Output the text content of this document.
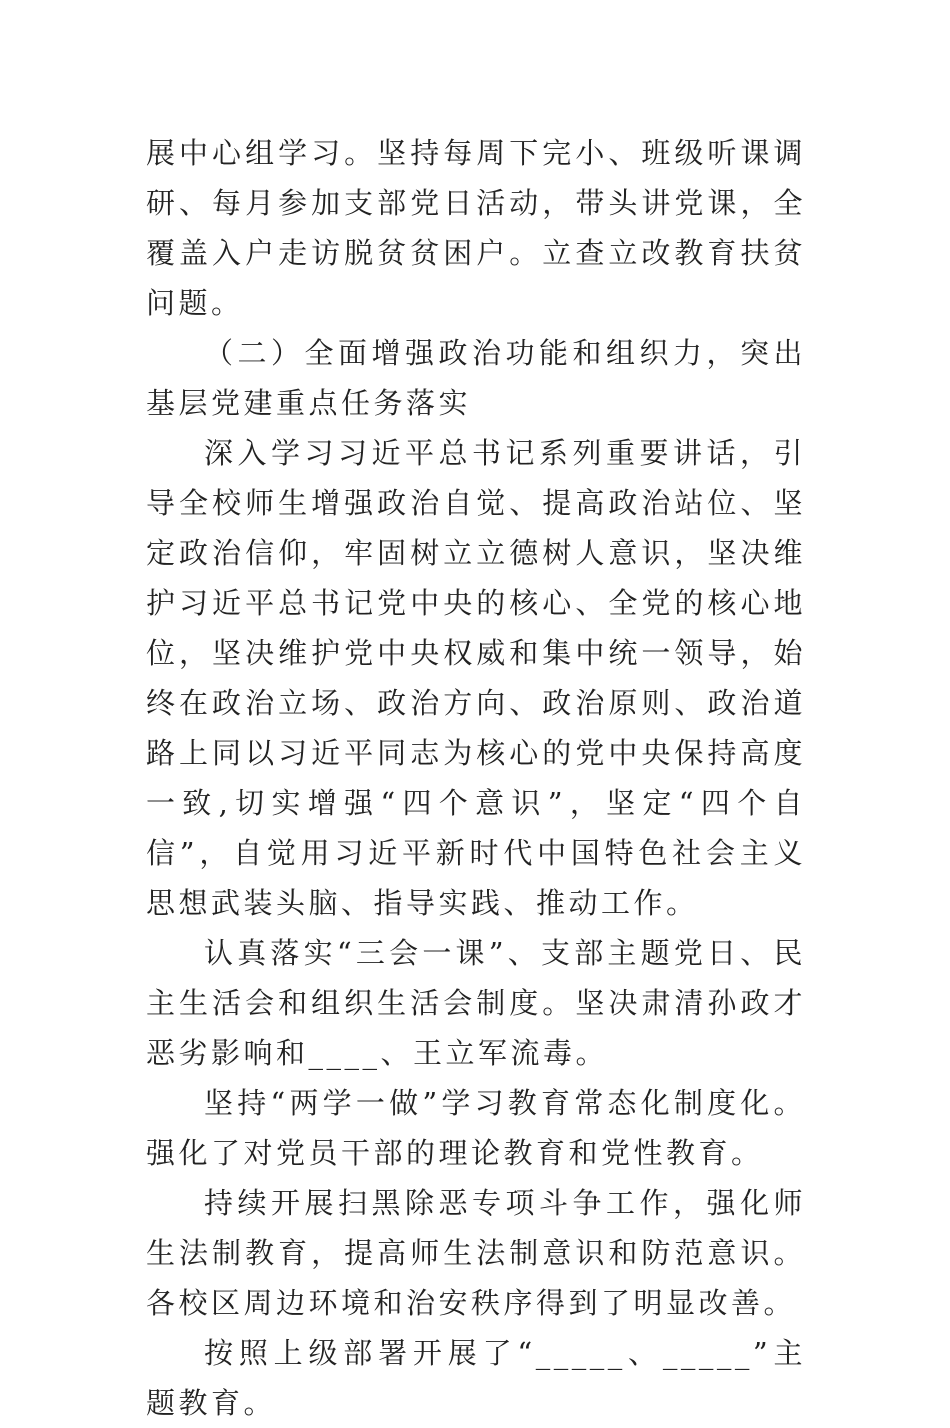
展中心组学习。坚持每周下完小、班级听课调研、每月参加支部党日活动，带头讲党课，全覆盖入户走访脱贫贫困户。立查立改教育扶贫问题。

（二）全面增强政治功能和组织力，突出基层党建重点任务落实

深入学习习近平总书记系列重要讲话，引导全校师生增强政治自觉、提高政治站位、坚定政治信仰，牢固树立立德树人意识，坚决维护习近平总书记党中央的核心、全党的核心地位，坚决维护党中央权威和集中统一领导，始终在政治立场、政治方向、政治原则、政治道路上同以习近平同志为核心的党中央保持高度一致,切实增强“四个意识”，坚定“四个自信”，自觉用习近平新时代中国特色社会主义思想武装头脑、指导实践、推动工作。

认真落实“三会一课”、支部主题党日、民主生活会和组织生活会制度。坚决肃清孙政才恶劣影响和____、王立军流毒。

坚持“两学一做”学习教育常态化制度化。强化了对党员干部的理论教育和党性教育。

持续开展扫黑除恶专项斗争工作，强化师生法制教育，提高师生法制意识和防范意识。各校区周边环境和治安秩序得到了明显改善。

按照上级部署开展了“_____、_____”主题教育。
